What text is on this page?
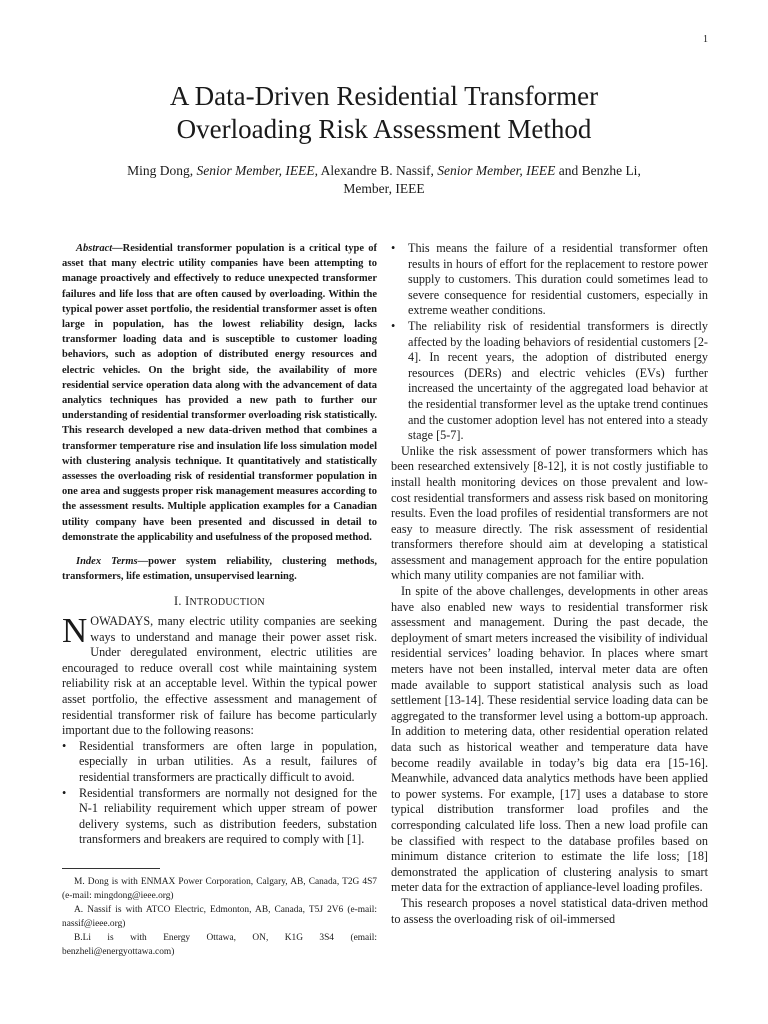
1
A Data-Driven Residential Transformer
Overloading Risk Assessment Method
Ming Dong, Senior Member, IEEE, Alexandre B. Nassif, Senior Member, IEEE and Benzhe Li,
Member, IEEE

Abstract—Residential transformer population is a critical type of asset that many electric utility companies have been attempting to manage proactively and effectively to reduce unexpected transformer failures and life loss that are often caused by overloading. Within the typical power asset portfolio, the residential transformer asset is often large in population, has the lowest reliability design, lacks transformer loading data and is susceptible to customer loading behaviors, such as adoption of distributed energy resources and electric vehicles. On the bright side, the availability of more residential service operation data along with the advancement of data analytics techniques has provided a new path to further our understanding of residential transformer overloading risk statistically. This research developed a new data-driven method that combines a transformer temperature rise and insulation life loss simulation model with clustering analysis technique. It quantitatively and statistically assesses the overloading risk of residential transformer population in one area and suggests proper risk management measures according to the assessment results. Multiple application examples for a Canadian utility company have been presented and discussed in detail to demonstrate the applicability and usefulness of the proposed method.

Index Terms—power system reliability, clustering methods, transformers, life estimation, unsupervised learning.

I. INTRODUCTION

NOWADAYS, many electric utility companies are seeking ways to understand and manage their power asset risk. Under deregulated environment, electric utilities are encouraged to reduce overall cost while maintaining system reliability risk at an acceptable level. Within the typical power asset portfolio, the effective assessment and management of residential transformer risk of failure has become particularly important due to the following reasons:

• Residential transformers are often large in population, especially in urban utilities. As a result, failures of residential transformers are practically difficult to avoid.
• Residential transformers are normally not designed for the N-1 reliability requirement which upper stream of power delivery systems, such as distribution feeders, substation transformers and breakers are required to comply with [1].

M. Dong is with ENMAX Power Corporation, Calgary, AB, Canada, T2G 4S7 (e-mail: mingdong@ieee.org)

A. Nassif is with ATCO Electric, Edmonton, AB, Canada, T5J 2V6 (e-mail: nassif@ieee.org)

B.Li is with Energy Ottawa, ON, K1G 3S4 (email: benzheli@energyottawa.com)

• This means the failure of a residential transformer often results in hours of effort for the replacement to restore power supply to customers. This duration could sometimes lead to severe consequence for residential customers, especially in extreme weather conditions.
• The reliability risk of residential transformers is directly affected by the loading behaviors of residential customers [2-4]. In recent years, the adoption of distributed energy resources (DERs) and electric vehicles (EVs) further increased the uncertainty of the aggregated load behavior at the residential transformer level as the uptake trend continues and the customer adoption level has not entered into a steady stage [5-7].

Unlike the risk assessment of power transformers which has been researched extensively [8-12], it is not costly justifiable to install health monitoring devices on those prevalent and low-cost residential transformers and assess risk based on monitoring results. Even the load profiles of residential transformers are not easy to measure directly. The risk assessment of residential transformers therefore should aim at developing a statistical assessment and management approach for the entire population which many utility companies are not familiar with.

In spite of the above challenges, developments in other areas have also enabled new ways to residential transformer risk assessment and management. During the past decade, the deployment of smart meters increased the visibility of individual residential services’ loading behavior. In places where smart meters have not been installed, interval meter data are often made available to support statistical analysis such as load settlement [13-14]. These residential service loading data can be aggregated to the transformer level using a bottom-up approach. In addition to metering data, other residential operation related data such as historical weather and temperature data have become readily available in today’s big data era [15-16]. Meanwhile, advanced data analytics methods have been applied to power systems. For example, [17] uses a database to store typical distribution transformer load profiles and the corresponding calculated life loss. Then a new load profile can be classified with respect to the database profiles based on minimum distance criterion to estimate the life loss; [18] demonstrated the application of clustering analysis to smart meter data for the extraction of appliance-level loading profiles.

This research proposes a novel statistical data-driven method to assess the overloading risk of oil-immersed
